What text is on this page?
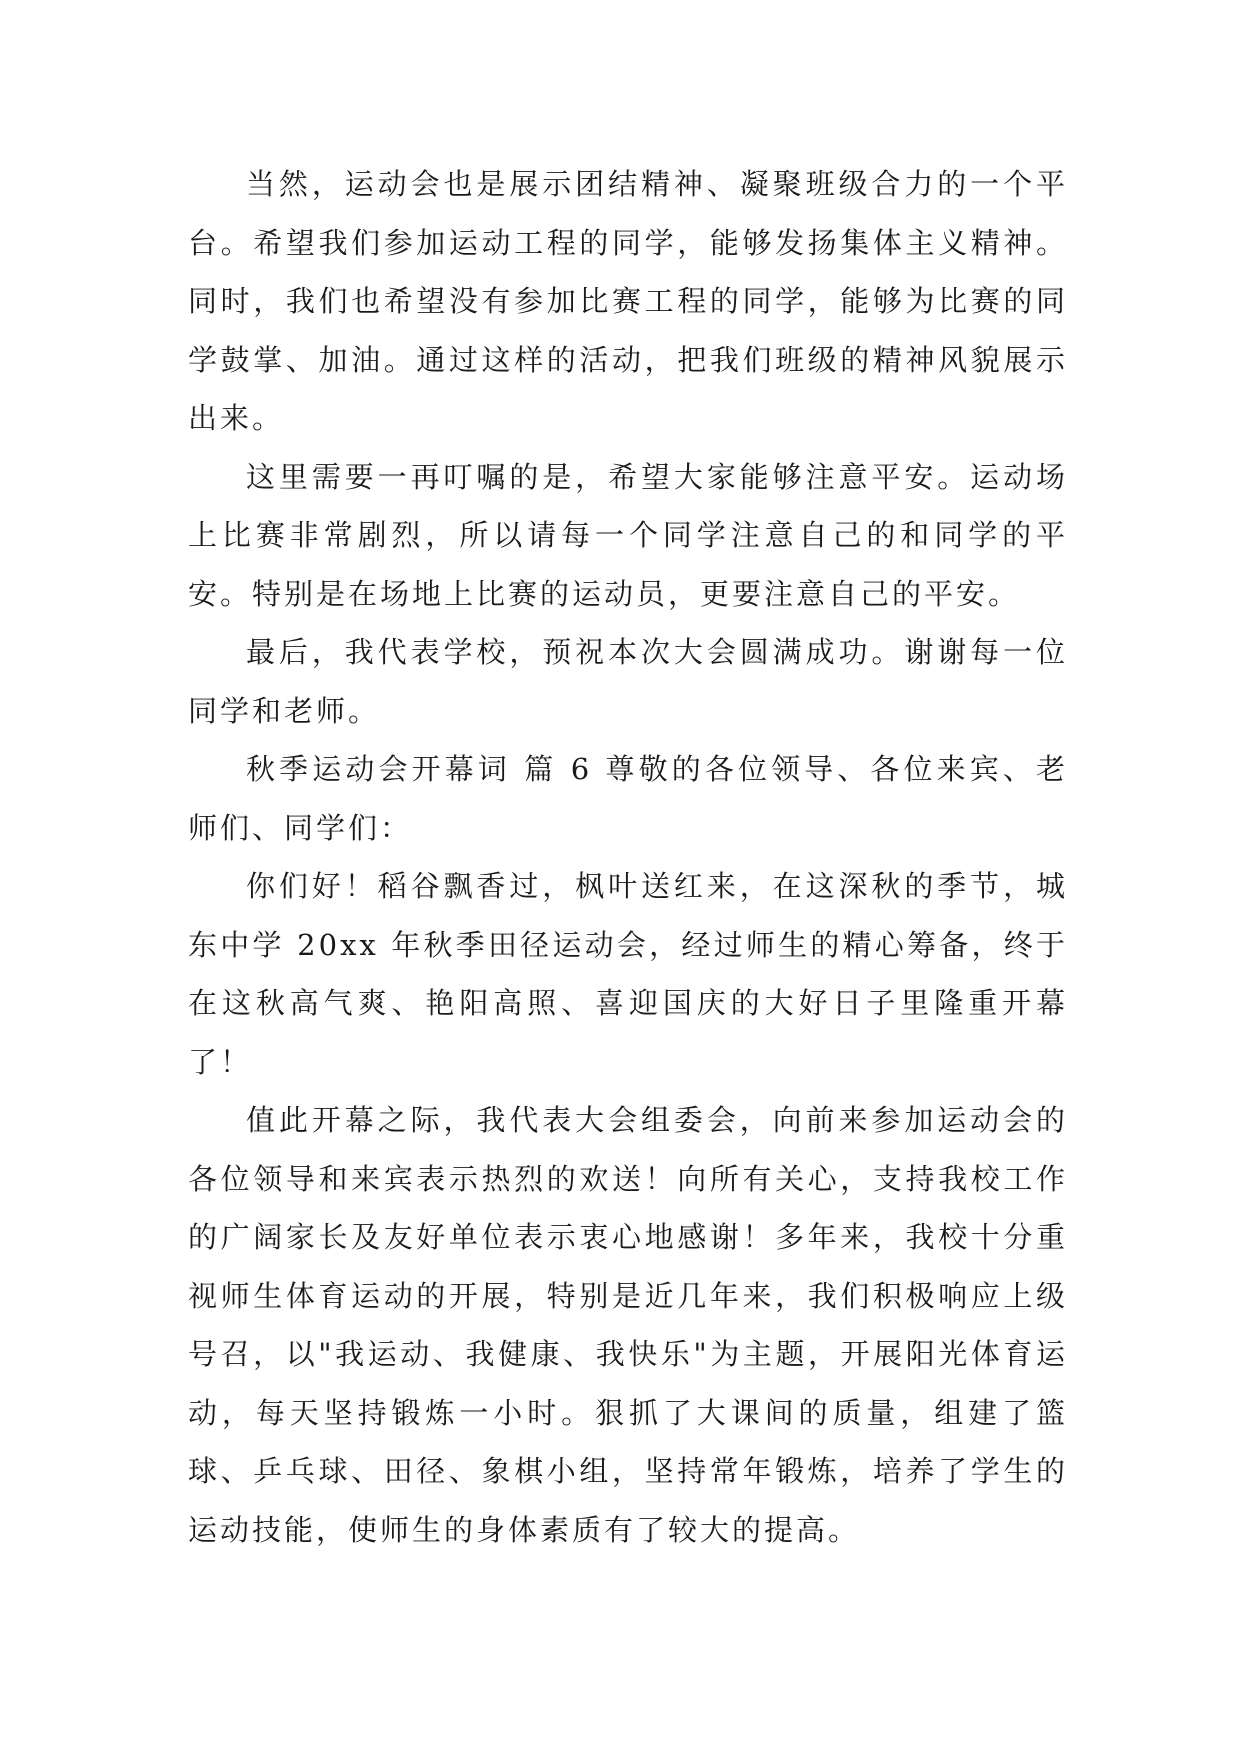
当然，运动会也是展示团结精神、凝聚班级合力的一个平台。希望我们参加运动工程的同学，能够发扬集体主义精神。同时，我们也希望没有参加比赛工程的同学，能够为比赛的同学鼓掌、加油。通过这样的活动，把我们班级的精神风貌展示出来。

这里需要一再叮嘱的是，希望大家能够注意平安。运动场上比赛非常剧烈，所以请每一个同学注意自己的和同学的平安。特别是在场地上比赛的运动员，更要注意自己的平安。

最后，我代表学校，预祝本次大会圆满成功。谢谢每一位同学和老师。

秋季运动会开幕词 篇 6 尊敬的各位领导、各位来宾、老师们、同学们：

你们好！稻谷飘香过，枫叶送红来，在这深秋的季节，城东中学 20xx 年秋季田径运动会，经过师生的精心筹备，终于在这秋高气爽、艳阳高照、喜迎国庆的大好日子里隆重开幕了！

值此开幕之际，我代表大会组委会，向前来参加运动会的各位领导和来宾表示热烈的欢送！向所有关心，支持我校工作的广阔家长及友好单位表示衷心地感谢！多年来，我校十分重视师生体育运动的开展，特别是近几年来，我们积极响应上级号召，以"我运动、我健康、我快乐"为主题，开展阳光体育运动，每天坚持锻炼一小时。狠抓了大课间的质量，组建了篮球、乒乓球、田径、象棋小组，坚持常年锻炼，培养了学生的运动技能，使师生的身体素质有了较大的提高。
